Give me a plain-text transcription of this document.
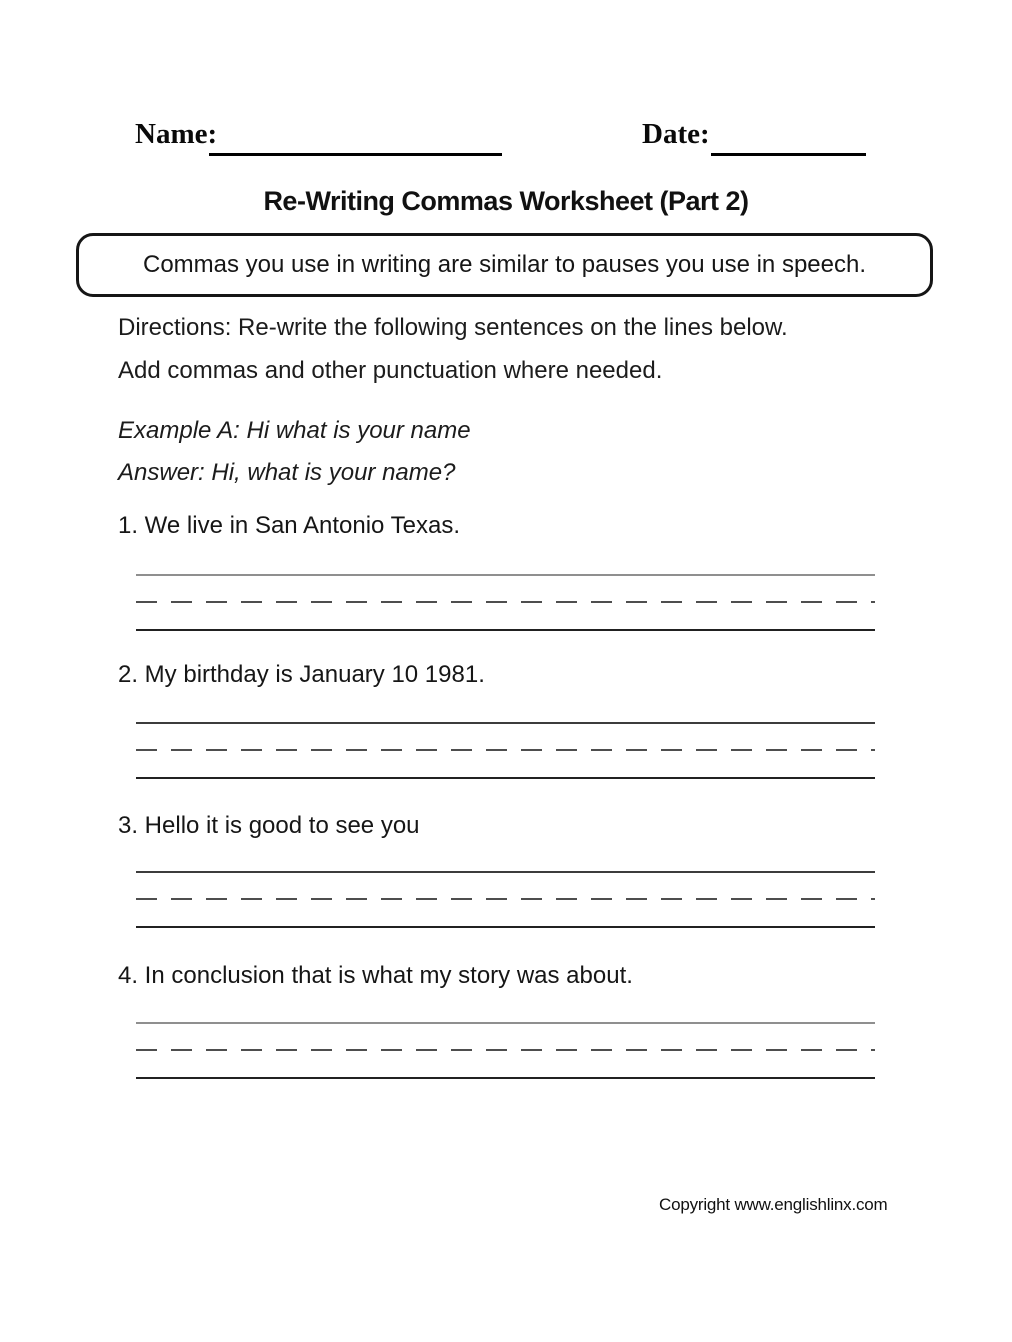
Name:	Date:
Re-Writing Commas Worksheet (Part 2)
Commas you use in writing are similar to pauses you use in speech.

Directions: Re-write the following sentences on the lines below.
Add commas and other punctuation where needed.

Example A: Hi what is your name
Answer: Hi, what is your name?

1. We live in San Antonio Texas.

2. My birthday is January 10 1981.

3. Hello it is good to see you

4. In conclusion that is what my story was about.

Copyright www.englishlinx.com
